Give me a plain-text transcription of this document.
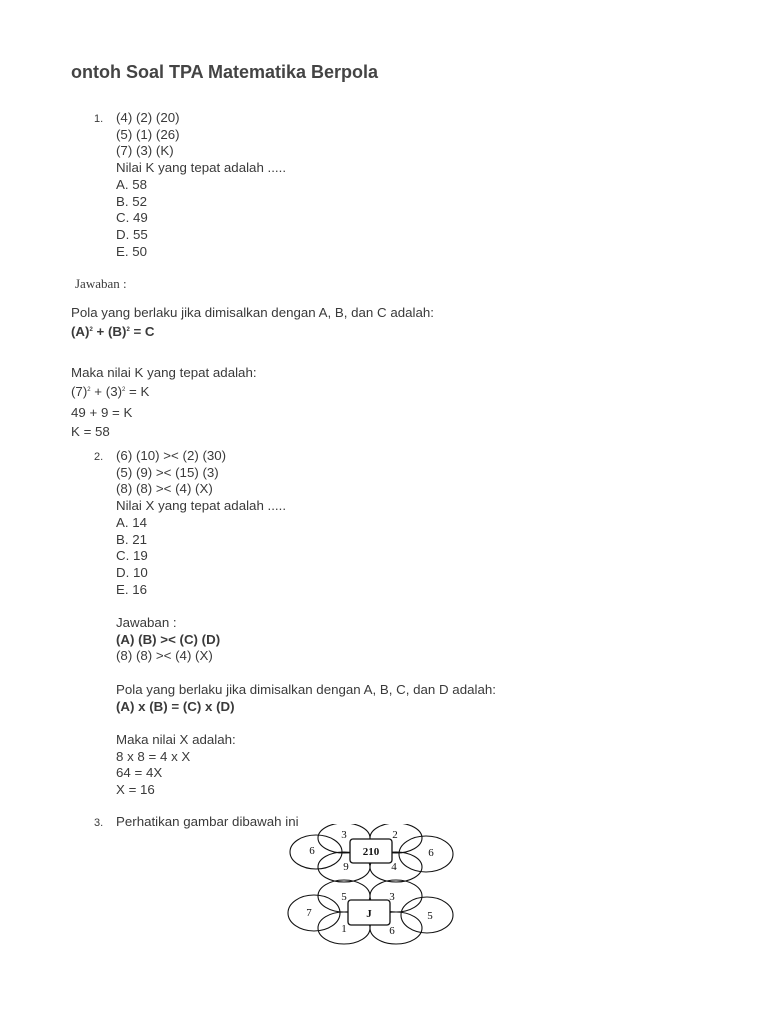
ontoh Soal TPA Matematika Berpola
1. (4) (2) (20)
(5) (1) (26)
(7) (3) (K)
Nilai K yang tepat adalah .....
A. 58
B. 52
C. 49
D. 55
E. 50
Jawaban :
Pola yang berlaku jika dimisalkan dengan A, B, dan C adalah:
$(A)^2 + (B)^2 = C$
Maka nilai K yang tepat adalah:
$(7)^2 + (3)^2 = K$
49 + 9 = K
K = 58
2. (6) (10) >< (2) (30)
(5) (9) >< (15) (3)
(8) (8) >< (4) (X)
Nilai X yang tepat adalah .....
A. 14
B. 21
C. 19
D. 10
E. 16
Jawaban :
(A) (B) >< (C) (D)
(8) (8) >< (4) (X)
Pola yang berlaku jika dimisalkan dengan A, B, C, dan D adalah:
(A) x (B) = (C) x (D)
Maka nilai X adalah:
8 x 8 = 4 x X
64 = 4X
X = 16
3. Perhatikan gambar dibawah ini
210
3	2
6	6
9	4
J
5	3
7	5
1	6
